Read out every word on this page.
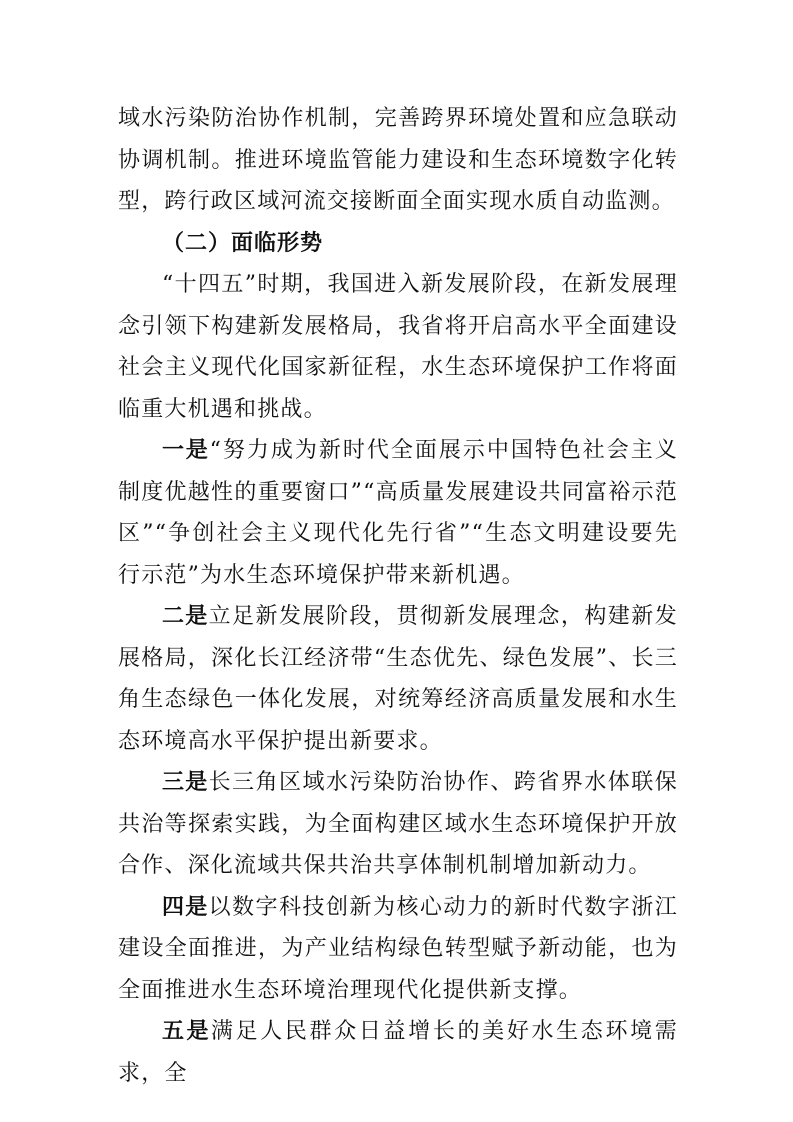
域水污染防治协作机制，完善跨界环境处置和应急联动协调机制。推进环境监管能力建设和生态环境数字化转型，跨行政区域河流交接断面全面实现水质自动监测。

（二）面临形势

“十四五”时期，我国进入新发展阶段，在新发展理念引领下构建新发展格局，我省将开启高水平全面建设社会主义现代化国家新征程，水生态环境保护工作将面临重大机遇和挑战。

一是“努力成为新时代全面展示中国特色社会主义制度优越性的重要窗口”“高质量发展建设共同富裕示范区”“争创社会主义现代化先行省”“生态文明建设要先行示范”为水生态环境保护带来新机遇。

二是立足新发展阶段，贯彻新发展理念，构建新发展格局，深化长江经济带“生态优先、绿色发展”、长三角生态绿色一体化发展，对统筹经济高质量发展和水生态环境高水平保护提出新要求。

三是长三角区域水污染防治协作、跨省界水体联保共治等探索实践，为全面构建区域水生态环境保护开放合作、深化流域共保共治共享体制机制增加新动力。

四是以数字科技创新为核心动力的新时代数字浙江建设全面推进，为产业结构绿色转型赋予新动能，也为全面推进水生态环境治理现代化提供新支撑。

五是满足人民群众日益增长的美好水生态环境需求，全
